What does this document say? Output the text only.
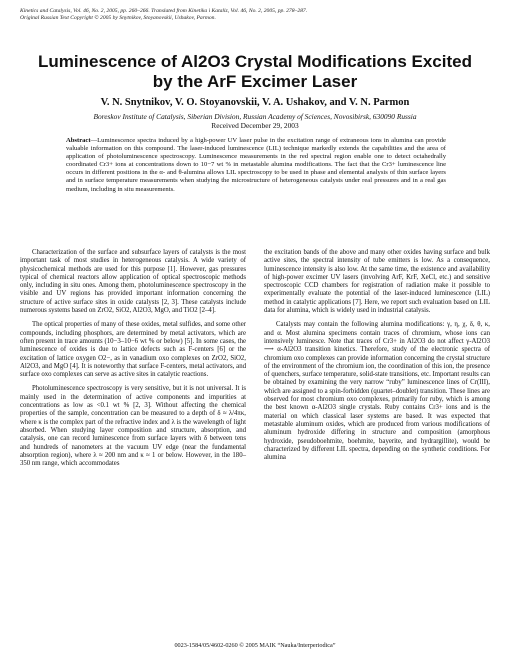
Kinetics and Catalysis, Vol. 46, No. 2, 2005, pp. 260–266. Translated from Kinetika i Kataliz, Vol. 46, No. 2, 2005, pp. 278–287.
Original Russian Text Copyright © 2005 by Snytnikov, Stoyanovskii, Ushakov, Parmon.
Luminescence of Al2O3 Crystal Modifications Excited
by the ArF Excimer Laser
V. N. Snytnikov, V. O. Stoyanovskii, V. A. Ushakov, and V. N. Parmon
Boreskov Institute of Catalysis, Siberian Division, Russian Academy of Sciences, Novosibirsk, 630090 Russia
Received December 29, 2003
Abstract—Luminescence spectra induced by a high-power UV laser pulse in the excitation range of extraneous ions in alumina can provide valuable information on this compound. The laser-induced luminescence (LIL) technique markedly extends the capabilities and the area of application of photoluminescence spectroscopy. Luminescence measurements in the red spectral region enable one to detect octahedrally coordinated Cr3+ ions at concentrations down to 10−7 wt % in metastable alumina modifications. The fact that the Cr3+ luminescence line occurs in different positions in the α- and θ-alumina allows LIL spectroscopy to be used in phase and elemental analysis of thin surface layers and in surface temperature measurements when studying the microstructure of heterogeneous catalysts under real pressures and in a real gas medium, including in situ measurements.

Characterization of the surface and subsurface layers of catalysts is the most important task of most studies in heterogeneous catalysis. A wide variety of physicochemical methods are used for this purpose [1]. However, gas pressures typical of chemical reactors allow application of optical spectroscopic methods only, including in situ ones. Among them, photoluminescence spectroscopy in the visible and UV regions has provided important information concerning the structure of active surface sites in oxide catalysts [2, 3]. These catalysts include numerous systems based on ZrO2, SiO2, Al2O3, MgO, and TiO2 [2–4].

The optical properties of many of these oxides, metal sulfides, and some other compounds, including phosphors, are determined by metal activators, which are often present in trace amounts (10−3–10−6 wt % or below) [5]. In some cases, the luminescence of oxides is due to lattice defects such as F-centers [6] or the excitation of lattice oxygen O2−, as in vanadium oxo complexes on ZrO2, SiO2, Al2O3, and MgO [4]. It is noteworthy that surface F-centers, metal activators, and surface oxo complexes can serve as active sites in catalytic reactions.

Photoluminescence spectroscopy is very sensitive, but it is not universal. It is mainly used in the determination of active components and impurities at concentrations as low as <0.1 wt % [2, 3]. Without affecting the chemical properties of the sample, concentration can be measured to a depth of δ ≈ λ/4πκ, where κ is the complex part of the refractive index and λ is the wavelength of light absorbed. When studying layer composition and structure, absorption, and catalysis, one can record luminescence from surface layers with δ between tens and hundreds of nanometers at the vacuum UV edge (near the fundamental absorption region), where λ ≈ 200 nm and κ ≈ 1 or below. However, in the 180–350 nm range, which accommodates

the excitation bands of the above and many other oxides having surface and bulk active sites, the spectral intensity of tube emitters is low. As a consequence, luminescence intensity is also low. At the same time, the existence and availability of high-power excimer UV lasers (involving ArF, KrF, XeCl, etc.) and sensitive spectroscopic CCD chambers for registration of radiation make it possible to experimentally evaluate the potential of the laser-induced luminescence (LIL) method in catalytic applications [7]. Here, we report such evaluation based on LIL data for alumina, which is widely used in industrial catalysis.

Catalysts may contain the following alumina modifications: γ, η, χ, δ, θ, κ, and α. Most alumina specimens contain traces of chromium, whose ions can intensively luminesce. Note that traces of Cr3+ in Al2O3 do not affect γ-Al2O3 ⟶ α-Al2O3 transition kinetics. Therefore, study of the electronic spectra of chromium oxo complexes can provide information concerning the crystal structure of the environment of the chromium ion, the coordination of this ion, the presence of quenchers, surface temperature, solid-state transitions, etc. Important results can be obtained by examining the very narrow “ruby” luminescence lines of Cr(III), which are assigned to a spin-forbidden (quartet–doublet) transition. These lines are observed for most chromium oxo complexes, primarily for ruby, which is among the best known α-Al2O3 single crystals. Ruby contains Cr3+ ions and is the material on which classical laser systems are based. It was expected that metastable aluminum oxides, which are produced from various modifications of aluminum hydroxide differing in structure and composition (amorphous hydroxide, pseudoboehmite, boehmite, bayerite, and hydrargillite), would be characterized by different LIL spectra, depending on the synthetic conditions. For alumina

0023-1584/05/4602-0260 © 2005 MAIK “Nauka/Interperiodica”
